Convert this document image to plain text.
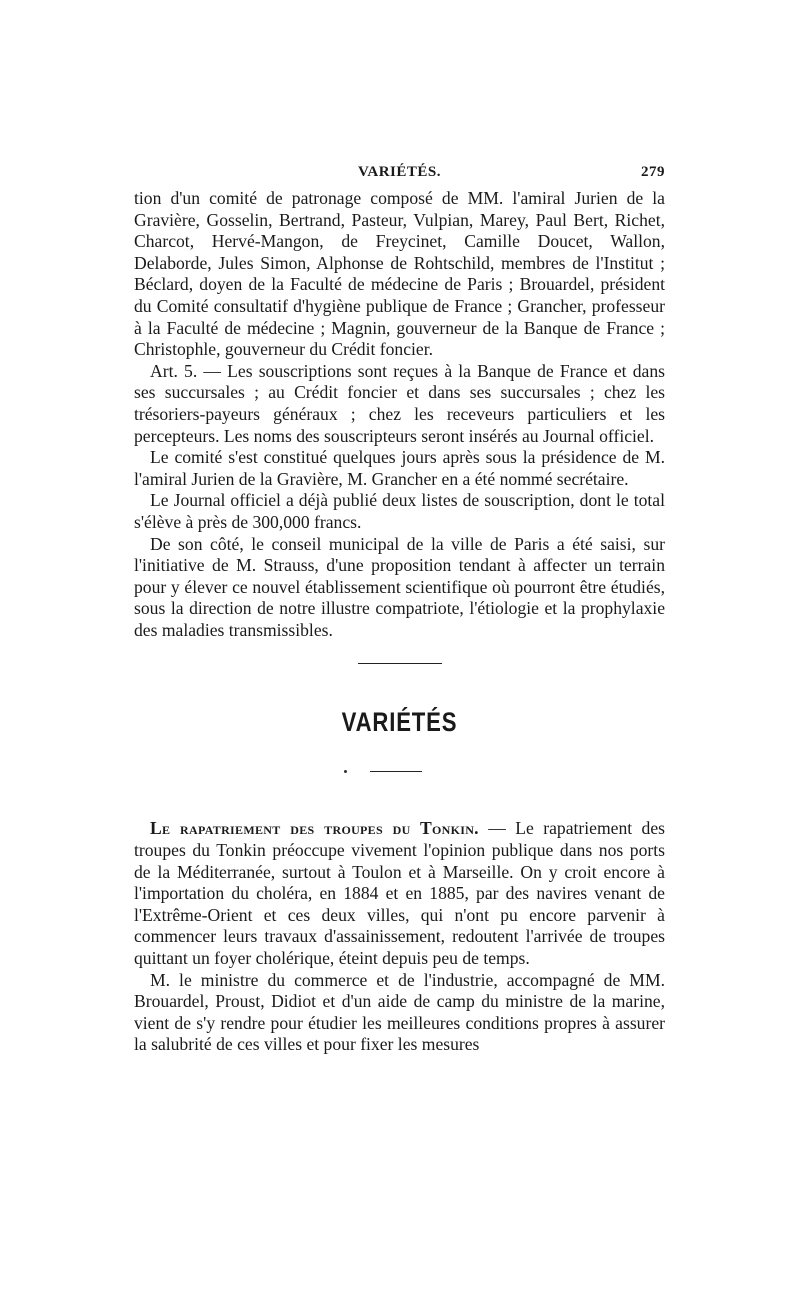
VARIÉTÉS.	279

tion d'un comité de patronage composé de MM. l'amiral Jurien de la Gravière, Gosselin, Bertrand, Pasteur, Vulpian, Marey, Paul Bert, Richet, Charcot, Hervé-Mangon, de Freycinet, Camille Doucet, Wallon, Delaborde, Jules Simon, Alphonse de Rohtschild, membres de l'Institut ; Béclard, doyen de la Faculté de médecine de Paris ; Brouardel, président du Comité consultatif d'hygiène publique de France ; Grancher, professeur à la Faculté de médecine ; Magnin, gouverneur de la Banque de France ; Christophle, gouverneur du Crédit foncier.

Art. 5. — Les souscriptions sont reçues à la Banque de France et dans ses succursales ; au Crédit foncier et dans ses succursales ; chez les trésoriers-payeurs généraux ; chez les receveurs particuliers et les percepteurs. Les noms des souscripteurs seront insérés au Journal officiel.

Le comité s'est constitué quelques jours après sous la présidence de M. l'amiral Jurien de la Gravière, M. Grancher en a été nommé secrétaire.

Le Journal officiel a déjà publié deux listes de souscription, dont le total s'élève à près de 300,000 francs.

De son côté, le conseil municipal de la ville de Paris a été saisi, sur l'initiative de M. Strauss, d'une proposition tendant à affecter un terrain pour y élever ce nouvel établissement scientifique où pourront être étudiés, sous la direction de notre illustre compatriote, l'étiologie et la prophylaxie des maladies transmissibles.

VARIÉTÉS

Le rapatriement des troupes du Tonkin. — Le rapatriement des troupes du Tonkin préoccupe vivement l'opinion publique dans nos ports de la Méditerranée, surtout à Toulon et à Marseille. On y croit encore à l'importation du choléra, en 1884 et en 1885, par des navires venant de l'Extrême-Orient et ces deux villes, qui n'ont pu encore parvenir à commencer leurs travaux d'assainissement, redoutent l'arrivée de troupes quittant un foyer cholérique, éteint depuis peu de temps.

M. le ministre du commerce et de l'industrie, accompagné de MM. Brouardel, Proust, Didiot et d'un aide de camp du ministre de la marine, vient de s'y rendre pour étudier les meilleures conditions propres à assurer la salubrité de ces villes et pour fixer les mesures
